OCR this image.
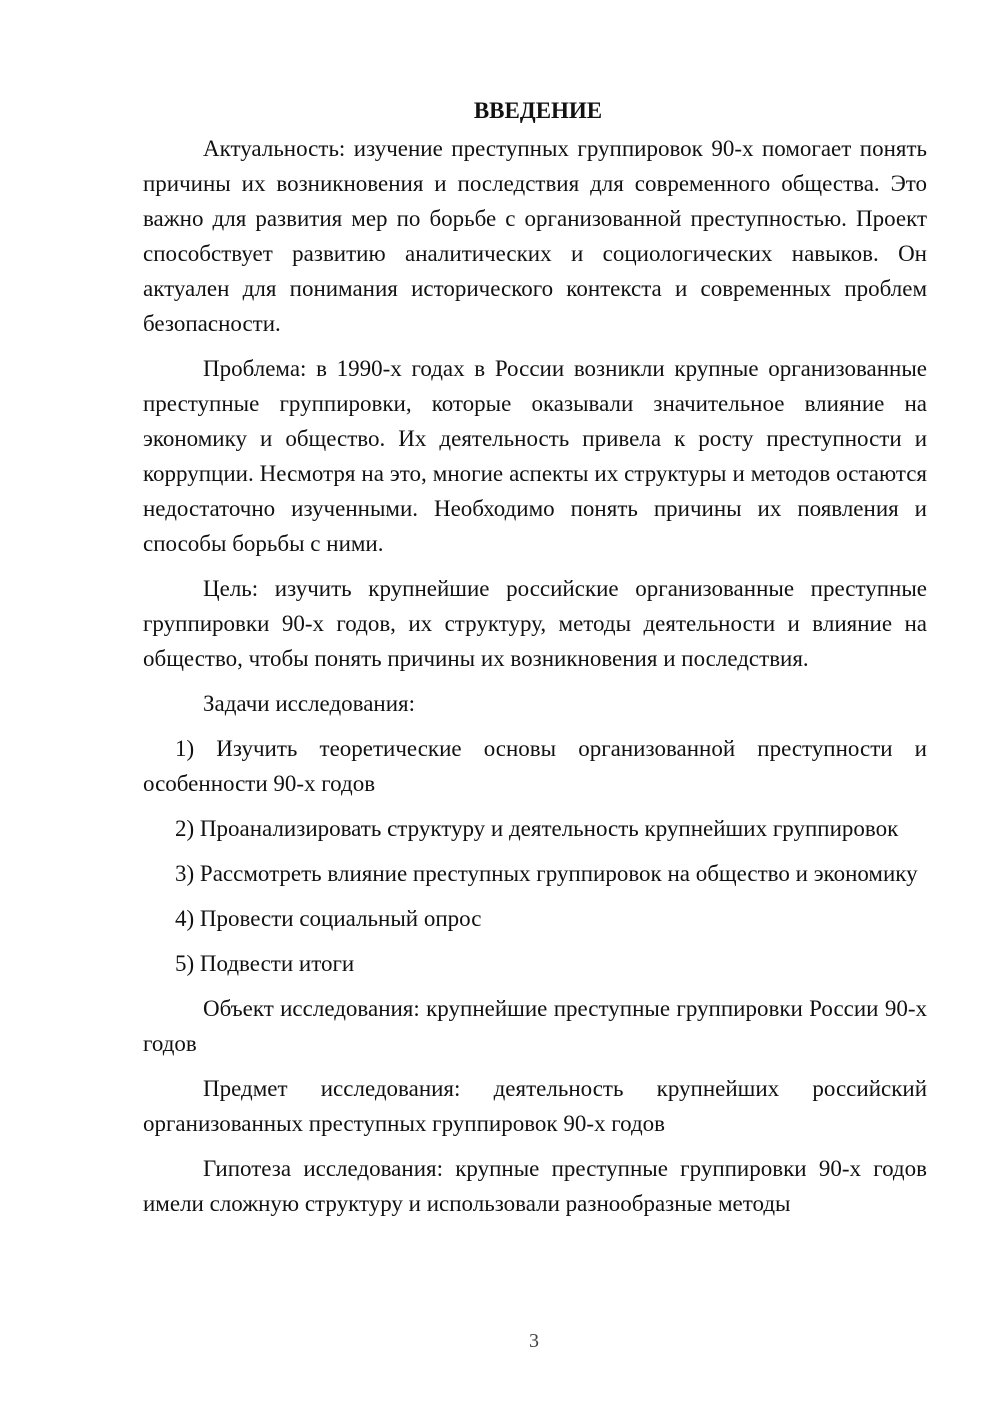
ВВЕДЕНИЕ

Актуальность: изучение преступных группировок 90-х помогает понять причины их возникновения и последствия для современного общества. Это важно для развития мер по борьбе с организованной преступностью. Проект способствует развитию аналитических и социологических навыков. Он актуален для понимания исторического контекста и современных проблем безопасности.

Проблема: в 1990-х годах в России возникли крупные организованные преступные группировки, которые оказывали значительное влияние на экономику и общество. Их деятельность привела к росту преступности и коррупции. Несмотря на это, многие аспекты их структуры и методов остаются недостаточно изученными. Необходимо понять причины их появления и способы борьбы с ними.

Цель: изучить крупнейшие российские организованные преступные группировки 90-х годов, их структуру, методы деятельности и влияние на общество, чтобы понять причины их возникновения и последствия.

Задачи исследования:

1) Изучить теоретические основы организованной преступности и особенности 90-х годов

2) Проанализировать структуру и деятельность крупнейших группировок

3) Рассмотреть влияние преступных группировок на общество и экономику

4) Провести социальный опрос

5) Подвести итоги

Объект исследования: крупнейшие преступные группировки России 90-х годов

Предмет исследования: деятельность крупнейших российский организованных преступных группировок 90-х годов

Гипотеза исследования: крупные преступные группировки 90-х годов имели сложную структуру и использовали разнообразные методы

3
